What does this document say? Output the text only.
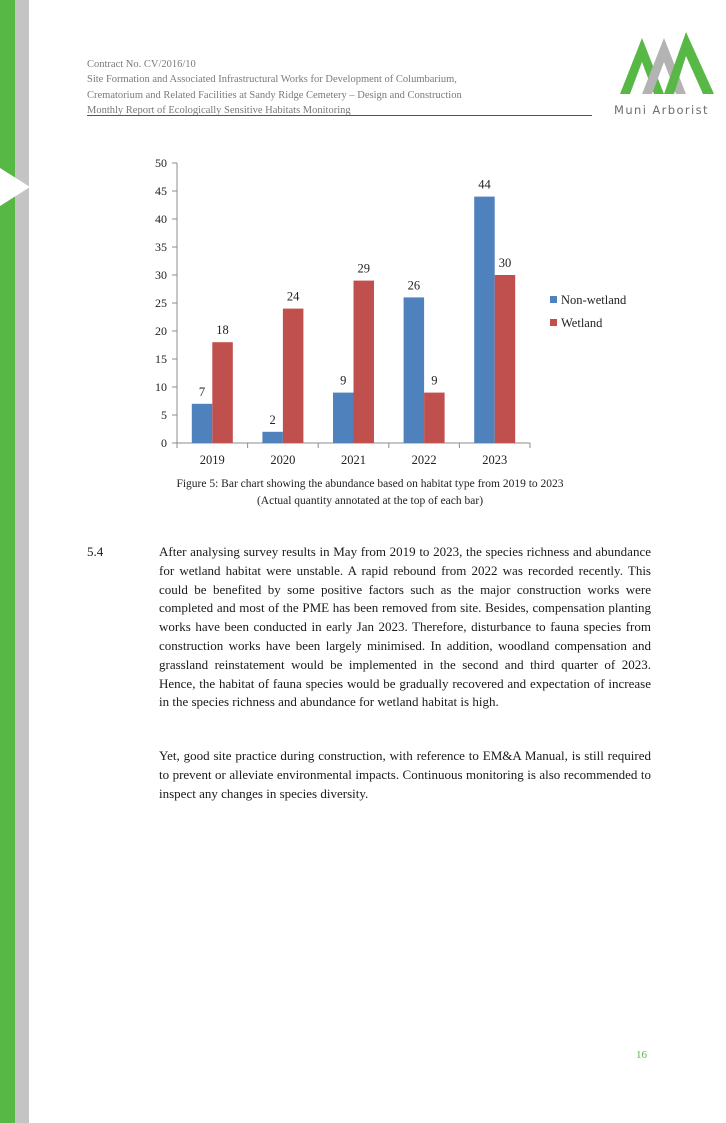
Contract No. CV/2016/10
Site Formation and Associated Infrastructural Works for Development of Columbarium,
Crematorium and Related Facilities at Sandy Ridge Cemetery – Design and Construction
Monthly Report of Ecologically Sensitive Habitats Monitoring	Muni Arborist
0
5
10
15
20
25
30
35
40
45
50
2019	2020	2021	2022	2023
7
18
2
24
9
29
26
9
44
30
Non-wetland
Wetland
Figure 5: Bar chart showing the abundance based on habitat type from 2019 to 2023
(Actual quantity annotated at the top of each bar)
5.4	After analysing survey results in May from 2019 to 2023, the species richness and abundance for wetland habitat were unstable. A rapid rebound from 2022 was recorded recently. This could be benefited by some positive factors such as the major construction works were completed and most of the PME has been removed from site. Besides, compensation planting works have been conducted in early Jan 2023. Therefore, disturbance to fauna species from construction works have been largely minimised. In addition, woodland compensation and grassland reinstatement would be implemented in the second and third quarter of 2023. Hence, the habitat of fauna species would be gradually recovered and expectation of increase in the species richness and abundance for wetland habitat is high.

Yet, good site practice during construction, with reference to EM&A Manual, is still required to prevent or alleviate environmental impacts. Continuous monitoring is also recommended to inspect any changes in species diversity.

16
